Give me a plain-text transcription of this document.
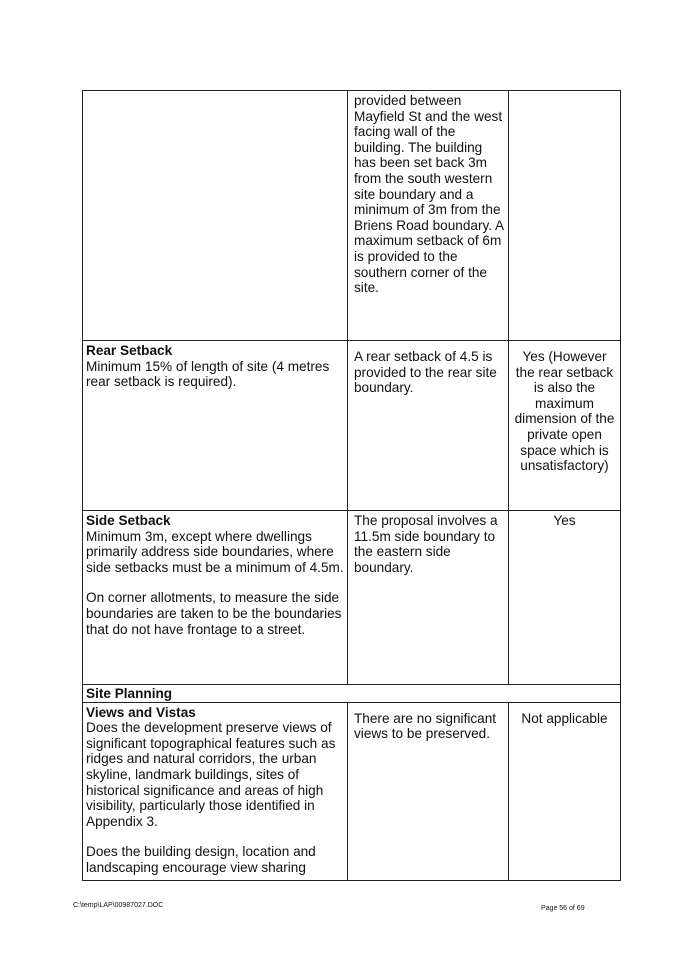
	provided between Mayfield St and the west facing wall of the building. The building has been set back 3m from the south western site boundary and a minimum of 3m from the Briens Road boundary. A maximum setback of 6m is provided to the southern corner of the site.	

Rear Setback
Minimum 15% of length of site (4 metres rear setback is required).	A rear setback of 4.5 is provided to the rear site boundary.	Yes (However the rear setback is also the maximum dimension of the private open space which is unsatisfactory)

Side Setback
Minimum 3m, except where dwellings primarily address side boundaries, where side setbacks must be a minimum of 4.5m.
On corner allotments, to measure the side boundaries are taken to be the boundaries that do not have frontage to a street.	The proposal involves a 11.5m side boundary to the eastern side boundary.	Yes

Site Planning		

Views and Vistas
Does the development preserve views of significant topographical features such as ridges and natural corridors, the urban skyline, landmark buildings, sites of historical significance and areas of high visibility, particularly those identified in Appendix 3.
Does the building design, location and landscaping encourage view sharing	There are no significant views to be preserved.	Not applicable
C:\temp\LAP\00987027.DOC	Page 56 of 69
